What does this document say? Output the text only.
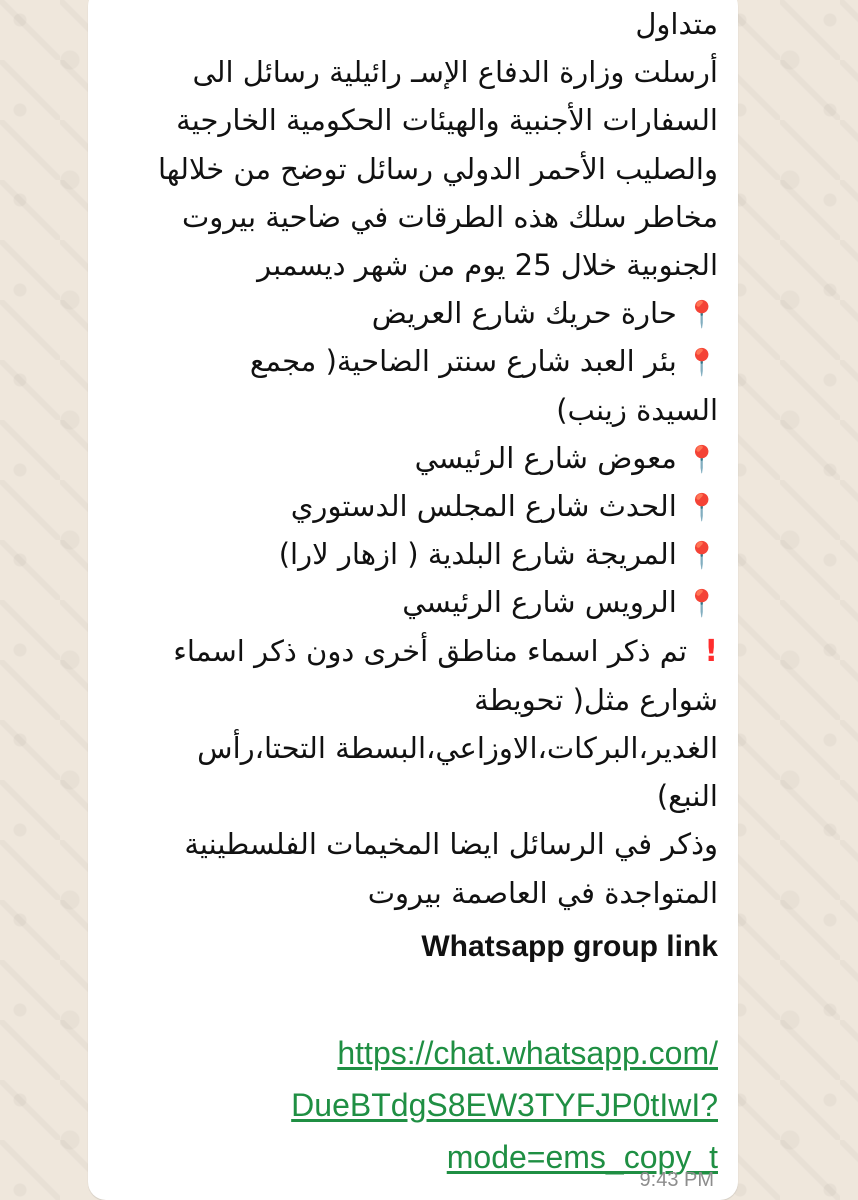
متداول
أرسلت وزارة الدفاع الإسـ رائيلية رسائل الى
السفارات الأجنبية والهيئات الحكومية الخارجية
والصليب الأحمر الدولي رسائل توضح من خلالها
مخاطر سلك هذه الطرقات في ضاحية بيروت
الجنوبية خلال 25 يوم من شهر ديسمبر
📍 حارة حريك شارع العريض
📍 بئر العبد شارع سنتر الضاحية( مجمع
السيدة زينب)
📍 معوض شارع الرئيسي
📍 الحدث شارع المجلس الدستوري
📍 المريجة شارع البلدية ( ازهار لارا)
📍 الرويس شارع الرئيسي
! تم ذكر اسماء مناطق أخرى دون ذكر اسماء
شوارع مثل( تحويطة
الغدير،البركات،الاوزاعي،البسطة التحتا،رأس
النبع)
وذكر في الرسائل ايضا المخيمات الفلسطينية
المتواجدة في العاصمة بيروت
Whatsapp group link
https://chat.whatsapp.com/
DueBTdgS8EW3TYFJP0tIwI?
mode=ems_copy_t
9:43 PM
